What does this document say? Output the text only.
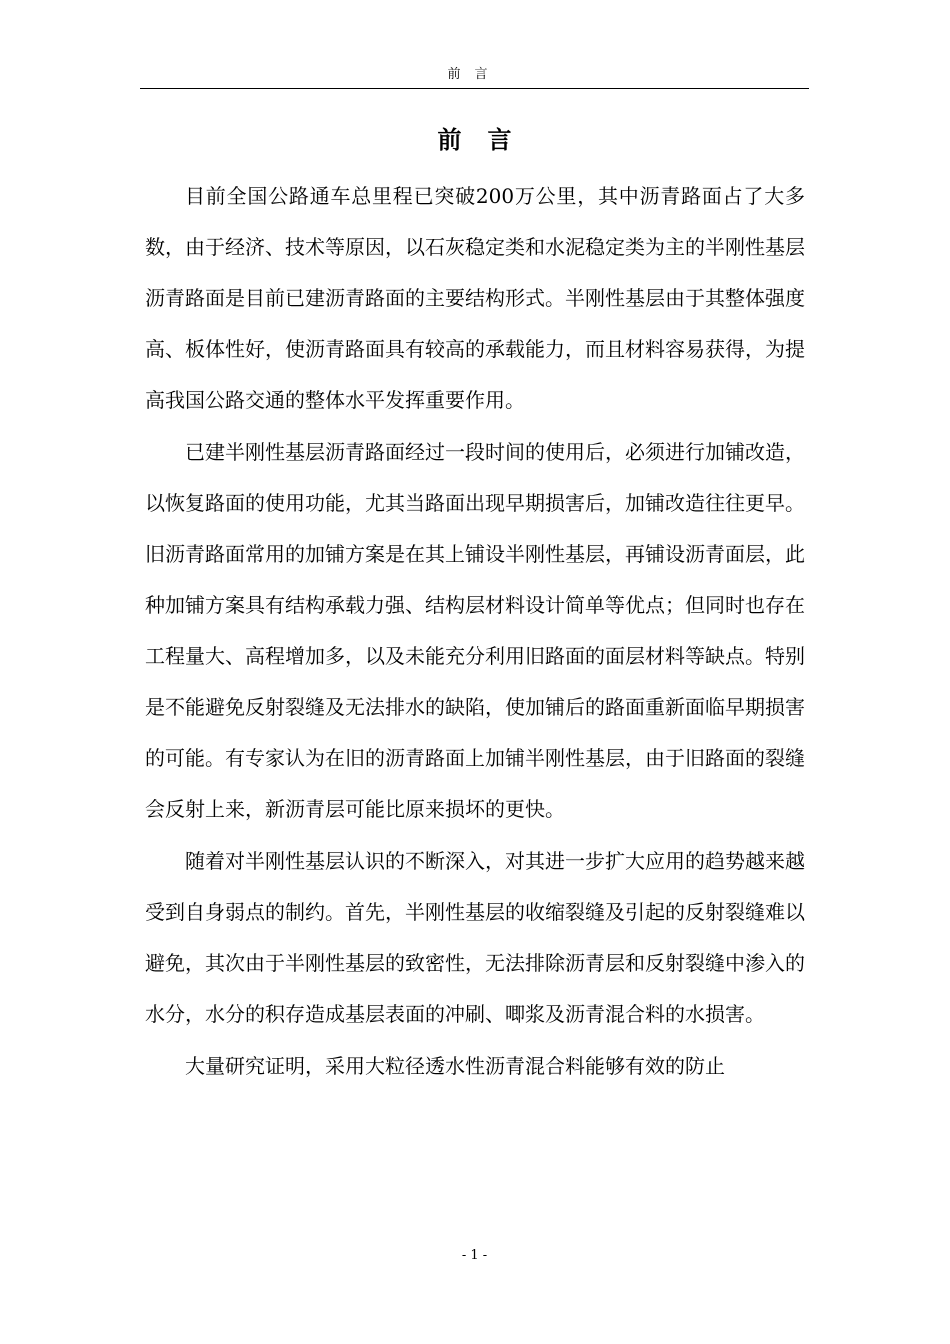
前言
前言

目前全国公路通车总里程已突破200万公里，其中沥青路面占了大多数，由于经济、技术等原因，以石灰稳定类和水泥稳定类为主的半刚性基层沥青路面是目前已建沥青路面的主要结构形式。半刚性基层由于其整体强度高、板体性好，使沥青路面具有较高的承载能力，而且材料容易获得，为提高我国公路交通的整体水平发挥重要作用。

已建半刚性基层沥青路面经过一段时间的使用后，必须进行加铺改造，以恢复路面的使用功能，尤其当路面出现早期损害后，加铺改造往往更早。旧沥青路面常用的加铺方案是在其上铺设半刚性基层，再铺设沥青面层，此种加铺方案具有结构承载力强、结构层材料设计简单等优点；但同时也存在工程量大、高程增加多，以及未能充分利用旧路面的面层材料等缺点。特别是不能避免反射裂缝及无法排水的缺陷，使加铺后的路面重新面临早期损害的可能。有专家认为在旧的沥青路面上加铺半刚性基层，由于旧路面的裂缝会反射上来，新沥青层可能比原来损坏的更快。

随着对半刚性基层认识的不断深入，对其进一步扩大应用的趋势越来越受到自身弱点的制约。首先，半刚性基层的收缩裂缝及引起的反射裂缝难以避免，其次由于半刚性基层的致密性，无法排除沥青层和反射裂缝中渗入的水分，水分的积存造成基层表面的冲刷、唧浆及沥青混合料的水损害。

大量研究证明，采用大粒径透水性沥青混合料能够有效的防止

- 1 -
